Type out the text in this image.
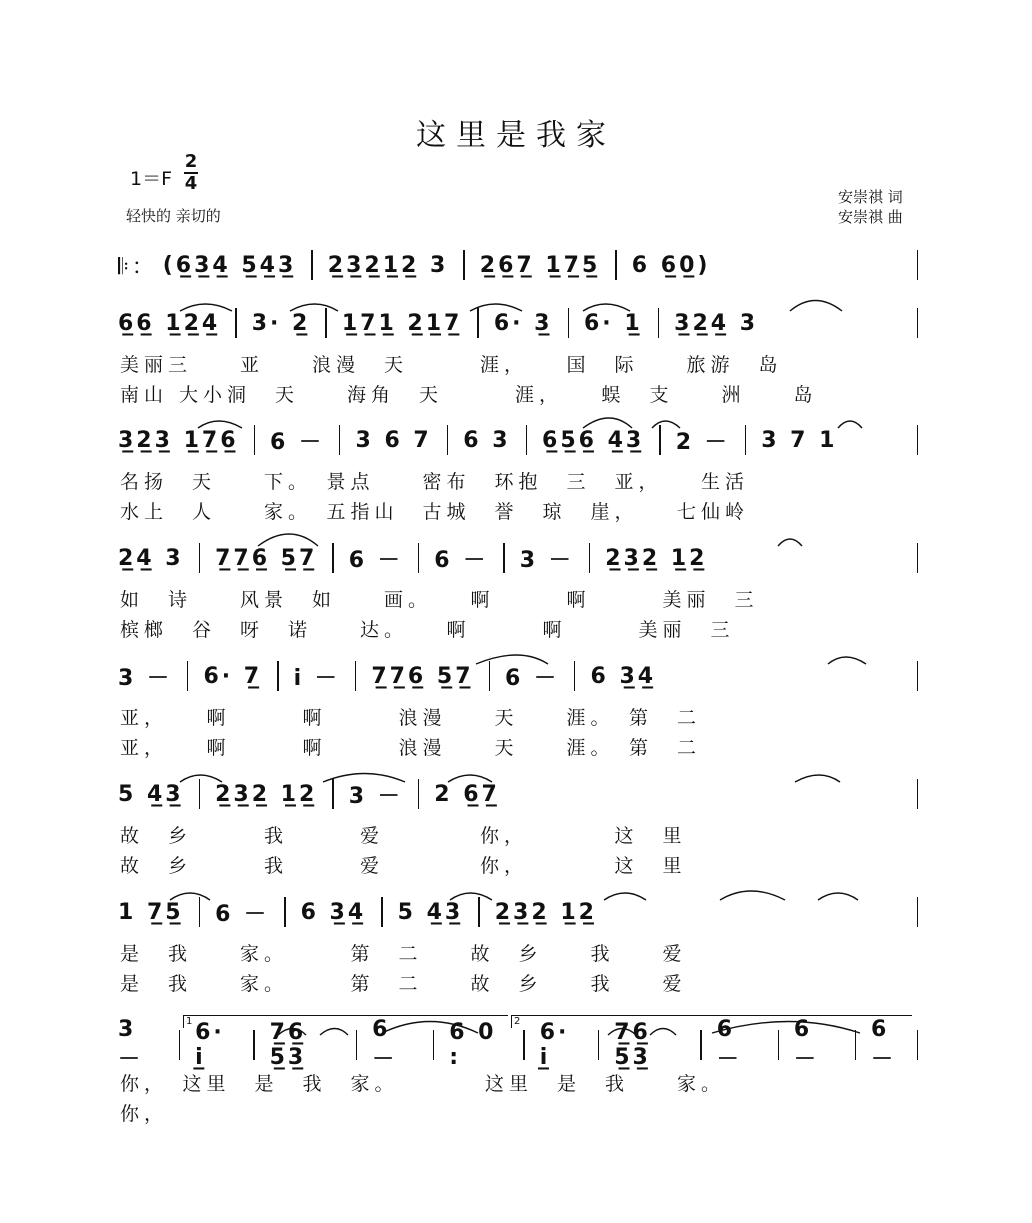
这里是我家
$1=F \frac{2}{4}$
轻快的 亲切的
安崇祺 词
安崇祺 曲
𝄆： (6̲3̲4̲ 5̲4̲3̲ 2̲3̲2̲1̲2̲ 3 2̲6̲7̲ 1̲7̲5̲ 6 6̲0̲)
6̲6̲ 1̲2̲4̲ 3· 2̲ 1̲7̲1̲ 2̲1̲7̲ 6· 3̲ 6· 1̲ 3̲2̲4̲ 3
美丽三　　亚　　浪漫　天　　　涯，　　国　际　　旅游　岛
南山 大小洞　天　　海角　天　　　涯，　　蜈　支　　洲　　岛
3̲2̲3̲ 1̲7̲6̲ 6 － 3 6 7 6 3 6̲5̲6̲ 4̲3̲ 2 － 3 7 1
名扬　天　　下。　景点　　密布　环抱　三　亚，　　生活
水上　人　　家。　五指山　古城　誉　琼　崖，　　七仙岭
2̲4̲ 3 7̲7̲6̲ 5̲7̲ 6 － 6 － 3 － 2̲3̲2̲ 1̲2̲
如　诗　　风景　如　　画。　　啊　　　啊　　　美丽　三
槟榔　谷　呀　诺　　达。　　啊　　　啊　　　美丽　三
3 － 6· 7̲ i － 7̲7̲6̲ 5̲7̲ 6 － 6 3̲4̲
亚，　　啊　　　啊　　　浪漫　　天　　涯。　第　二
亚，　　啊　　　啊　　　浪漫　　天　　涯。　第　二
5 4̲3̲ 2̲3̲2̲ 1̲2̲ 3 － 2 6̲7̲
故　乡　　　我　　　爱　　　　你，　　　　这　里
故　乡　　　我　　　爱　　　　你，　　　　这　里
1 7̲5̲ 6 － 6 3̲4̲ 5 4̲3̲ 2̲3̲2̲ 1̲2̲
是　我　　家。　　　第　二　　故　乡　　我　　爱
是　我　　家。　　　第　二　　故　乡　　我　　爱
3 －
6· i̲
7̲6̲ 5̲3̲
6 －
6 0 :
6· i̲
7̲6̲ 5̲3̲
6 －
6 －
6 －
你，　这里　是　我　家。　　　　这里　是　我　　家。
你，
1	2
